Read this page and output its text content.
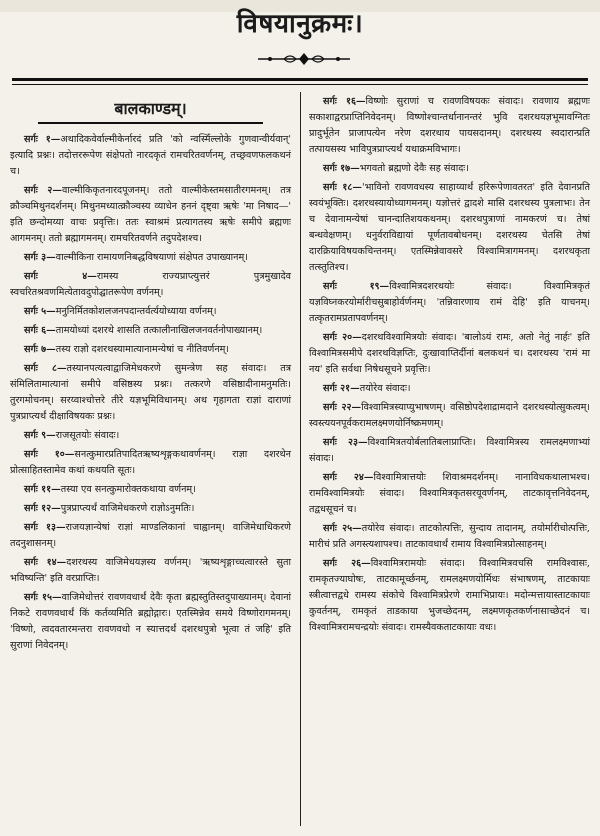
विषयानुक्रमः।
बालकाण्डम्।

सर्गः १—अथादिकवेर्वाल्मीकेर्नारदं प्रति 'को न्वस्मिँल्लोके गुणवान्वीर्यवान्' इत्यादि प्रश्नः। तदोत्तररूपेण संक्षेपतो नारदकृतं रामचरितवर्णनम्, तच्छ्रवणफलकथनं च।

सर्गः २—वाल्मीकिकृतनारदपूजनम्। ततो वाल्मीकेस्तमसातीरगमनम्। तत्र क्रौञ्चमिथुनदर्शनम्। मिथुनमध्यात्क्रौञ्चस्य व्याधेन हननं दृष्ट्वा ऋषेः 'मा निषाद—' इति छन्दोमय्या वाचः प्रवृत्तिः। ततः स्वाश्रमं प्रत्यागतस्य ऋषेः समीपे ब्रह्मणः आगमनम्। ततो ब्रह्मागमनम्। रामचरितवर्णने तदुपदेशश्च।

सर्गः ३—वाल्मीकिना रामायणनिबद्धविषयाणां संक्षेपत उपाख्यानम्।

सर्गः ४—रामस्य राज्यप्राप्त्युत्तरं पुत्रमुखादेव स्वचरितश्रवणमित्येतावदुपोद्घातरूपेण वर्णनम्।

सर्गः ५—मनुनिर्मितकोशलजनपदान्तर्वर्त्ययोध्याया वर्णनम्।

सर्गः ६—तामयोध्यां दशरथे शासति तत्कालीनाखिलजनवर्तनोपाख्यानम्।

सर्गः ७—तस्य राज्ञो दशरथस्यामात्यानामन्येषां च नीतिवर्णनम्।

सर्गः ८—तस्यानपत्यत्वाद्वाजिमेधकरणे सुमन्त्रेण सह संवादः। तत्र संमिलितामात्यानां समीपे वसिष्ठस्य प्रश्नः। तत्करणे वसिष्ठादीनामनुमतिः। तुरगमोचनम्। सरय्वाश्चोत्तरे तीरे यज्ञभूमिविधानम्। अथ गृहागता राज्ञां दाराणां पुत्रप्राप्त्यर्थं दीक्षाविषयकः प्रश्नः।

सर्गः ९—राजसूतयोः संवादः।

सर्गः १०—सनत्कुमारप्रतिपादितऋष्यशृङ्गकथावर्णनम्। राज्ञा दशरथेन प्रोत्साहितस्तामेव कथां कथयति सूतः।

सर्गः ११—तस्या एव सनत्कुमारोक्तकथाया वर्णनम्।

सर्गः १२—पुत्रप्राप्त्यर्थं वाजिमेधकरणे राज्ञोऽनुमतिः।

सर्गः १३—राजयज्ञान्येषां राज्ञां माण्डलिकानां चाह्वानम्। वाजिमेधाधिकरणे तदनुशासनम्।

सर्गः १४—दशरथस्य वाजिमेधयज्ञस्य वर्णनम्। 'ऋष्यशृङ्गाच्चत्वारस्ते सुता भविष्यन्ति' इति वरप्राप्तिः।

सर्गः १५—वाजिमेधोत्तरं रावणवधार्थं देवैः कृता ब्रह्मस्तुतिस्तदुपाख्यानम्। देवानां निकटे रावणवधार्थं किं कर्तव्यमिति ब्रह्मोद्गारः। एतस्मिन्नेव समये विष्णोरागमनम्। 'विष्णो, त्वदवतारमन्तरा रावणवधो न स्यात्तदर्थं दशरथपुत्रो भूत्वा तं जहि' इति सुराणां निवेदनम्।

सर्गः १६—विष्णोः सुराणां च रावणविषयकः संवादः। रावणाय ब्रह्मणः सकाशाद्वरप्राप्तिनिवेदनम्। विष्णोश्चान्तर्धानानन्तरं भुवि दशरथयज्ञभूमावग्नितः प्रादुर्भूतेन प्राजापत्येन नरेण दशरथाय पायसदानम्। दशरथस्य स्वदारान्प्रति तत्पायसस्य भाविपुत्रप्राप्त्यर्थं यथाक्रमविभागः।

सर्गः १७—भगवतो ब्रह्मणो देवैः सह संवादः।

सर्गः १८—'भाविनो रावणवधस्य साहाय्यार्थं हरिरूपेणावतरत' इति देवानप्रति स्वयंभूक्तिः। दशरथस्यायोध्यागमनम्। यज्ञोत्तरं द्वादशे मासि दशरथस्य पुत्रलाभः। तेन च देवानामन्येषां चानन्दातिशयकथनम्। दशरथपुत्राणां नामकरणं च। तेषां बन्धवेक्षणम्। धनुर्वराविद्यायां पूर्णतावबोधनम्। दशरथस्य चेतसि तेषां दारक्रियाविषयकचिन्तनम्। एतस्मिन्नेवावसरे विश्वामित्रागमनम्। दशरथकृता तत्स्तुतिश्च।

सर्गः १९—विश्वामित्रदशरथयोः संवादः। विश्वामित्रकृतं यज्ञविघ्नकरयोर्मारीचसुबाहोर्वर्णनम्। 'तन्निवारणाय रामं देहि' इति याचनम्। तत्कृतरामप्रतापवर्णनम्।

सर्गः २०—दशरथविश्वामित्रयोः संवादः। 'बालोऽयं रामः, अतो नेतुं नार्हः' इति विश्वामित्रसमीपे दशरथविज्ञप्तिः, दुःखावाप्तिर्दीनां बलकथनं च। दशरथस्य 'रामं मा नय' इति सर्वथा निषेधसूचने प्रवृत्तिः।

सर्गः २१—तयोरेव संवादः।

सर्गः २२—विश्वामित्रस्याप्युभाषणम्। वसिष्ठोपदेशाद्रामदाने दशरथस्योत्सुकत्वम्। स्वस्त्ययनपूर्वकरामलक्ष्मणयोर्निष्क्रमणम्।

सर्गः २३—विश्वामित्रतयोर्बलातिबलाप्राप्तिः। विश्वामित्रस्य रामलक्ष्मणाभ्यां संवादः।

सर्गः २४—विश्वामित्रात्तयोः शिवाश्रमदर्शनम्। नानाविधकथालाभश्च। रामविश्वामित्रयोः संवादः। विश्वामित्रकृतसरयूवर्णनम्, ताटकावृत्तनिवेदनम्, तद्वधसूचनं च।

सर्गः २५—तयोरेव संवादः। ताटकोत्पत्तिः, सुन्दाय तादानम्, तयोर्मारीचोत्पत्तिः, मारीचं प्रति अगस्त्यशापश्च। ताटकावधार्थं रामाय विश्वामित्रप्रोत्साहनम्।

सर्गः २६—विश्वामित्ररामयोः संवादः। विश्वामित्रवचसि रामविश्वासः, रामकृतज्याघोषः, ताटकामूर्च्छनम्, रामलक्ष्मणयोर्मिथः संभाषणम्, ताटकायाः स्त्रीत्वात्तद्वधे रामस्य संकोचे विश्वामित्रप्रेरणे रामाभिप्रायः। मदोन्मत्तायास्ताटकायाः कुवर्तनम्, रामकृतं ताडकाया भुजच्छेदनम्, लक्ष्मणकृतकर्णनासाच्छेदनं च। विश्वामित्ररामचन्द्रयोः संवादः। रामस्यैवकताटकायाः वधः।
